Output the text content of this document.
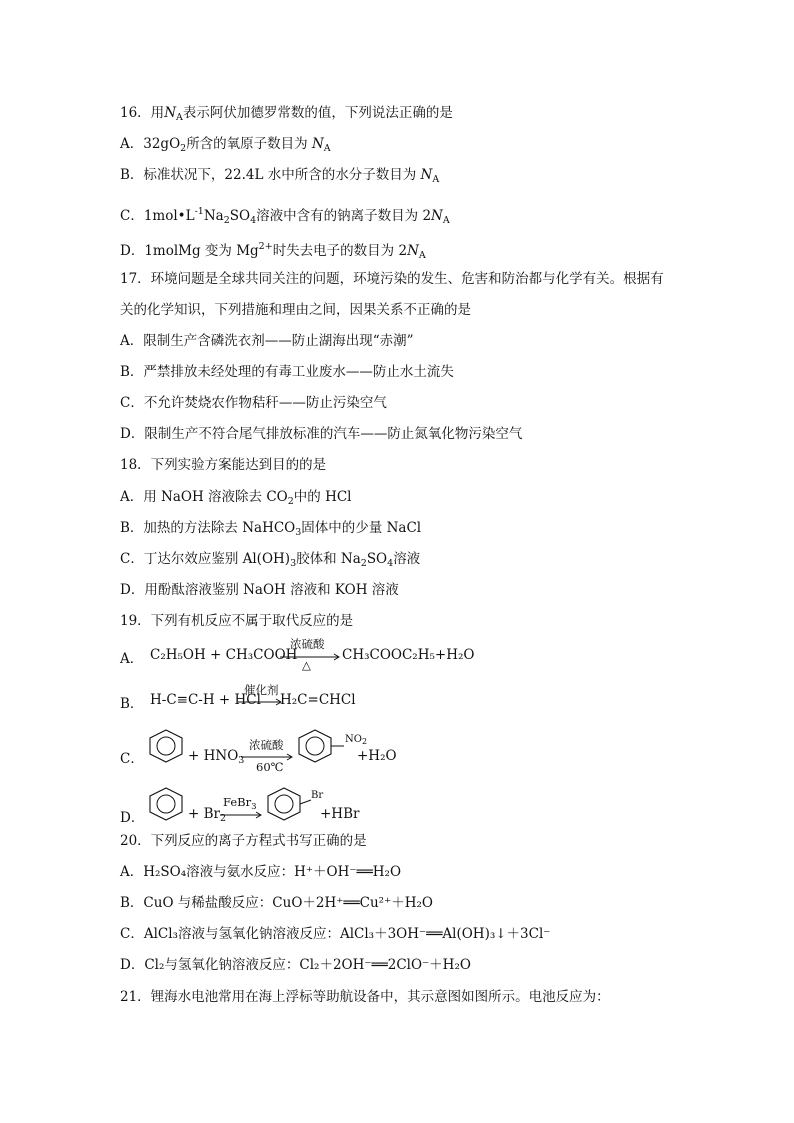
16．用$N_A$表示阿伏加德罗常数的值，下列说法正确的是
A．$32gO_2$所含的氧原子数目为 $N_A$
B．标准状况下，22.4L 水中所含的水分子数目为 $N_A$
C．$1mol•L^{-1}Na_2SO_4$溶液中含有的钠离子数目为 $2N_A$
D．1molMg 变为 $Mg^{2+}$时失去电子的数目为 $2N_A$
17．环境问题是全球共同关注的问题，环境污染的发生、危害和防治都与化学有关。根据有
关的化学知识，下列措施和理由之间，因果关系不正确的是
A．限制生产含磷洗衣剂——防止湖海出现“赤潮”
B．严禁排放未经处理的有毒工业废水——防止水土流失
C．不允许焚烧农作物秸秆——防止污染空气
D．限制生产不符合尾气排放标准的汽车——防止氮氧化物污染空气
18．下列实验方案能达到目的的是
A．用 NaOH 溶液除去 $CO_2$中的 HCl
B．加热的方法除去 NaHCO$_3$固体中的少量 NaCl
C．丁达尔效应鉴别 $Al(OH)_3$胶体和 $Na_2SO_4$溶液
D．用酚酞溶液鉴别 NaOH 溶液和 KOH 溶液
19．下列有机反应不属于取代反应的是
A． C₂H₅OH + CH₃COOH
浓硫酸
△
CH₃COOC₂H₅+H₂O
B． H-C≡C-H + HCl
催化剂
H₂C=CHCl
C．	+ $HNO_3$
浓硫酸
60℃
$NO_2$
+H₂O
D．	+ $Br_2$
FeBr$_3$
Br
+HBr
20．下列反应的离子方程式书写正确的是
A．H₂SO₄溶液与氨水反应：H⁺＋OH⁻══H₂O
B．CuO 与稀盐酸反应：CuO＋2H⁺══Cu²⁺＋H₂O
C．AlCl₃溶液与氢氧化钠溶液反应：AlCl₃＋3OH⁻══Al(OH)₃↓＋3Cl⁻
D．Cl₂与氢氧化钠溶液反应：Cl₂＋2OH⁻══2ClO⁻＋H₂O
21．锂海水电池常用在海上浮标等助航设备中，其示意图如图所示。电池反应为：
